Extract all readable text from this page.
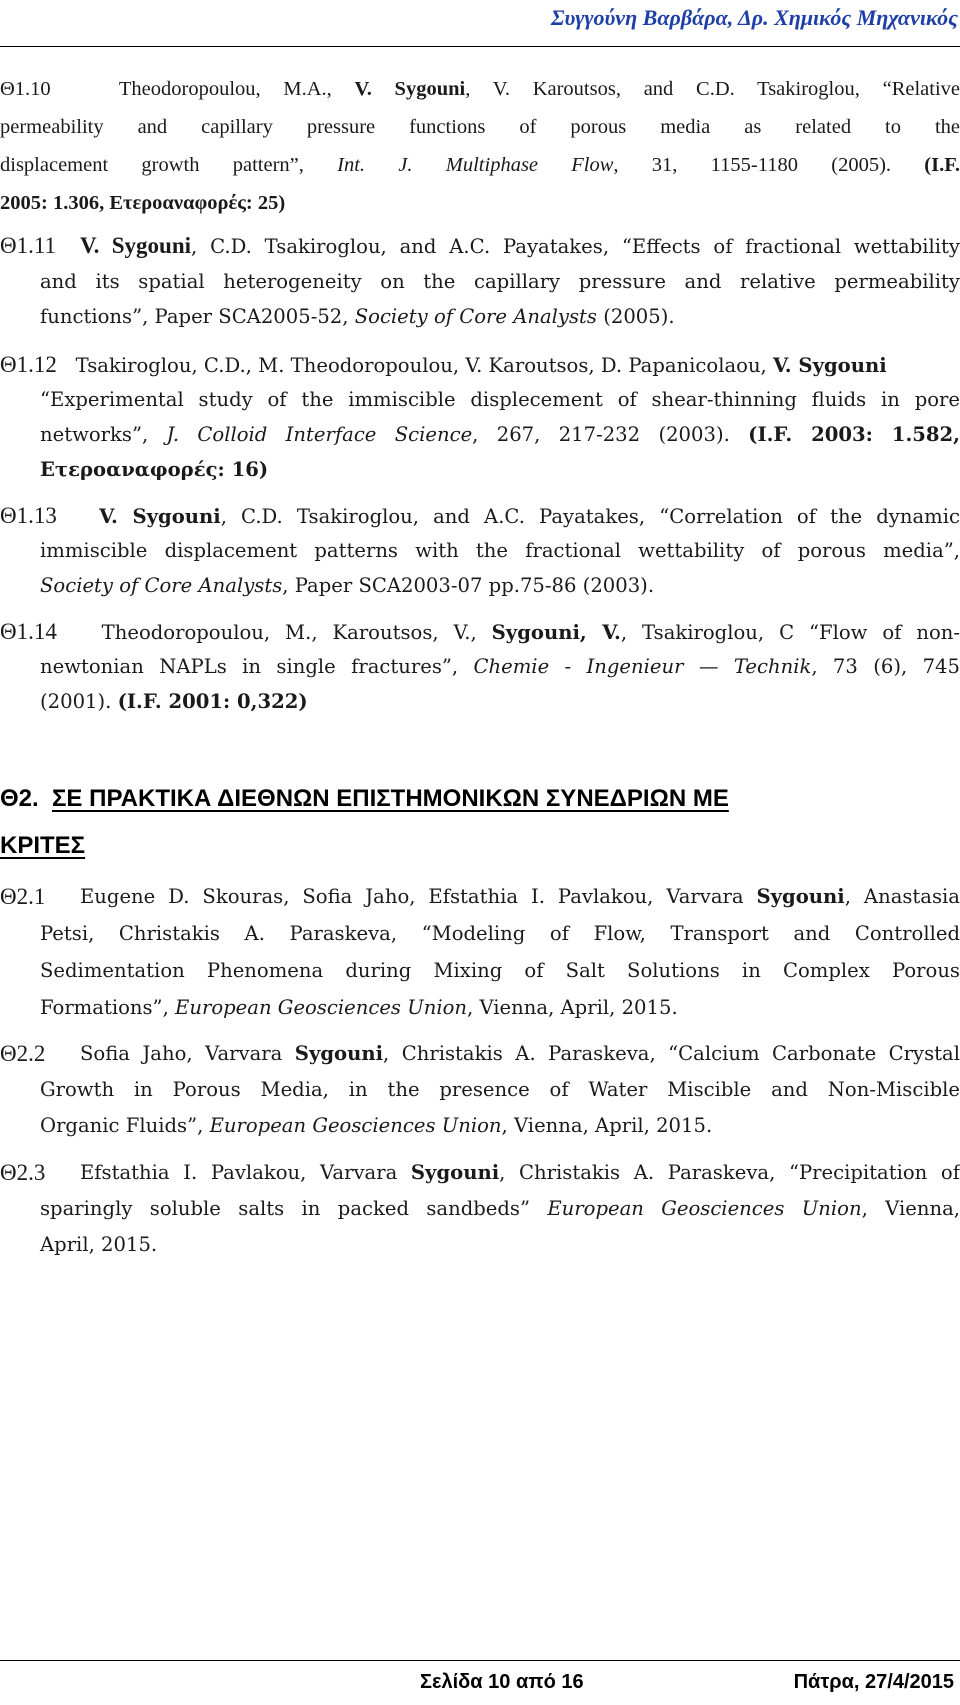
Συγγούνη Βαρβάρα, Δρ. Χημικός Μηχανικός
Θ1.10	Theodoropoulou, M.A., V. Sygouni, V. Karoutsos, and C.D. Tsakiroglou, “Relative
permeability and capillary pressure functions of porous media as related to the
displacement growth pattern”, Int. J. Multiphase Flow, 31, 1155-1180 (2005). (I.F.
2005: 1.306, Ετεροαναφορές: 25)
Θ1.11	V. Sygouni, C.D. Tsakiroglou, and A.C. Payatakes, “Effects of fractional wettability
and its spatial heterogeneity on the capillary pressure and relative permeability
functions”, Paper SCA2005-52, Society of Core Analysts (2005).
Θ1.12 Tsakiroglou, C.D., M. Theodoropoulou, V. Karoutsos, D. Papanicolaou, V. Sygouni
“Experimental study of the immiscible displecement of shear-thinning fluids in pore
networks”, J. Colloid Interface Science, 267, 217-232 (2003). (I.F. 2003: 1.582,
Ετεροαναφορές: 16)
Θ1.13 V. Sygouni, C.D. Tsakiroglou, and A.C. Payatakes, “Correlation of the dynamic
immiscible displacement patterns with the fractional wettability of porous media”,
Society of Core Analysts, Paper SCA2003-07 pp.75-86 (2003).
Θ1.14 Theodoropoulou, M., Karoutsos, V., Sygouni, V., Tsakiroglou, C “Flow of non-
newtonian NAPLs in single fractures”, Chemie - Ingenieur — Technik, 73 (6), 745
(2001). (I.F. 2001: 0,322)
Θ2. ΣΕ ΠΡΑΚΤΙΚΑ ΔΙΕΘΝΩΝ ΕΠΙΣΤΗΜΟΝΙΚΩΝ ΣΥΝΕΔΡΙΩΝ ΜΕ
ΚΡΙΤΕΣ
Θ2.1	Eugene D. Skouras, Sofia Jaho, Efstathia I. Pavlakou, Varvara Sygouni, Anastasia
Petsi, Christakis A. Paraskeva, “Modeling of Flow, Transport and Controlled
Sedimentation Phenomena during Mixing of Salt Solutions in Complex Porous
Formations”, European Geosciences Union, Vienna, April, 2015.
Θ2.2	Sofia Jaho, Varvara Sygouni, Christakis A. Paraskeva, “Calcium Carbonate Crystal
Growth in Porous Media, in the presence of Water Miscible and Non-Miscible
Organic Fluids”, European Geosciences Union, Vienna, April, 2015.
Θ2.3	Efstathia I. Pavlakou, Varvara Sygouni, Christakis A. Paraskeva, “Precipitation of
sparingly soluble salts in packed sandbeds” European Geosciences Union, Vienna,
April, 2015.
Σελίδα 10 από 16	Πάτρα, 27/4/2015
